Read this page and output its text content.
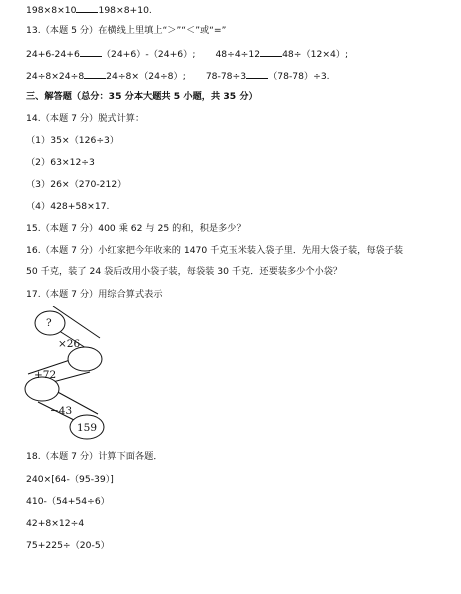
198×8×10 198×8+10.
13.（本题 5 分）在横线上里填上“＞”“＜”或“=”
24+6-24+6 （24+6）-（24+6）; 48÷4÷12 48÷（12×4）;
24÷8×24÷8 24÷8×（24÷8）; 78-78÷3 （78-78）÷3.
三、解答题（总分：35 分本大题共 5 小题，共 35 分）
14.（本题 7 分）脱式计算：
（1）35×（126÷3）
（2）63×12÷3
（3）26×（270-212）
（4）428+58×17.
15.（本题 7 分）400 乘 62 与 25 的和，积是多少？
16.（本题 7 分）小红家把今年收来的 1470 千克玉米装入袋子里．先用大袋子装，每袋子装
50 千克，装了 24 袋后改用小袋子装，每袋装 30 千克．还要装多少个小袋？
17.（本题 7 分）用综合算式表示
?
×26
+72
−43
159
18.（本题 7 分）计算下面各题．
240×[64-（95-39）]
410-（54+54÷6）
42+8×12÷4
75+225÷（20-5）
